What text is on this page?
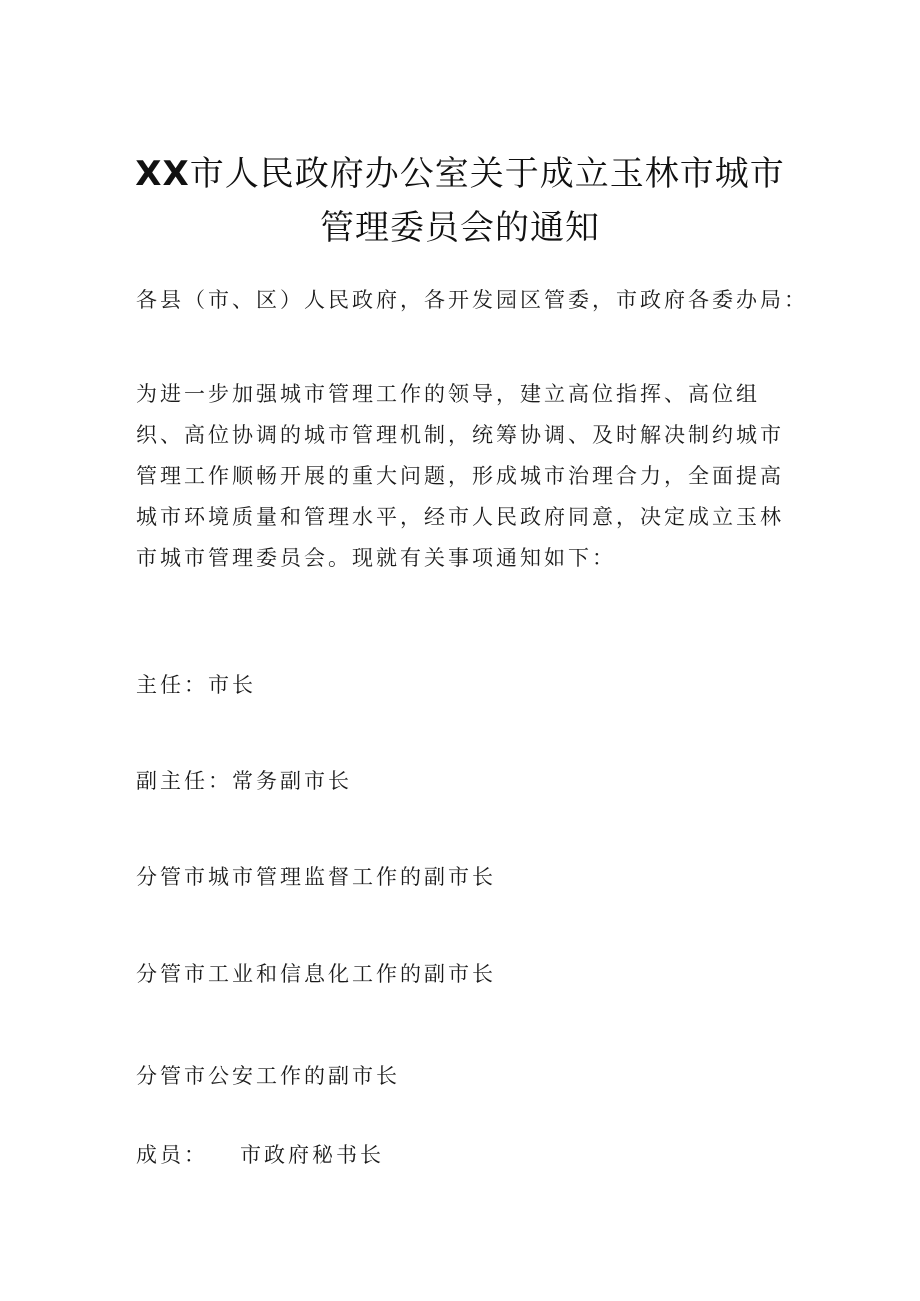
XX市人民政府办公室关于成立玉林市城市
管理委员会的通知
各县（市、区）人民政府，各开发园区管委，市政府各委办局：
为进一步加强城市管理工作的领导，建立高位指挥、高位组织、高位协调的城市管理机制，统筹协调、及时解决制约城市管理工作顺畅开展的重大问题，形成城市治理合力，全面提高城市环境质量和管理水平，经市人民政府同意，决定成立玉林市城市管理委员会。现就有关事项通知如下：
主任：市长
副主任：常务副市长
分管市城市管理监督工作的副市长
分管市工业和信息化工作的副市长
分管市公安工作的副市长
成员： 市政府秘书长
